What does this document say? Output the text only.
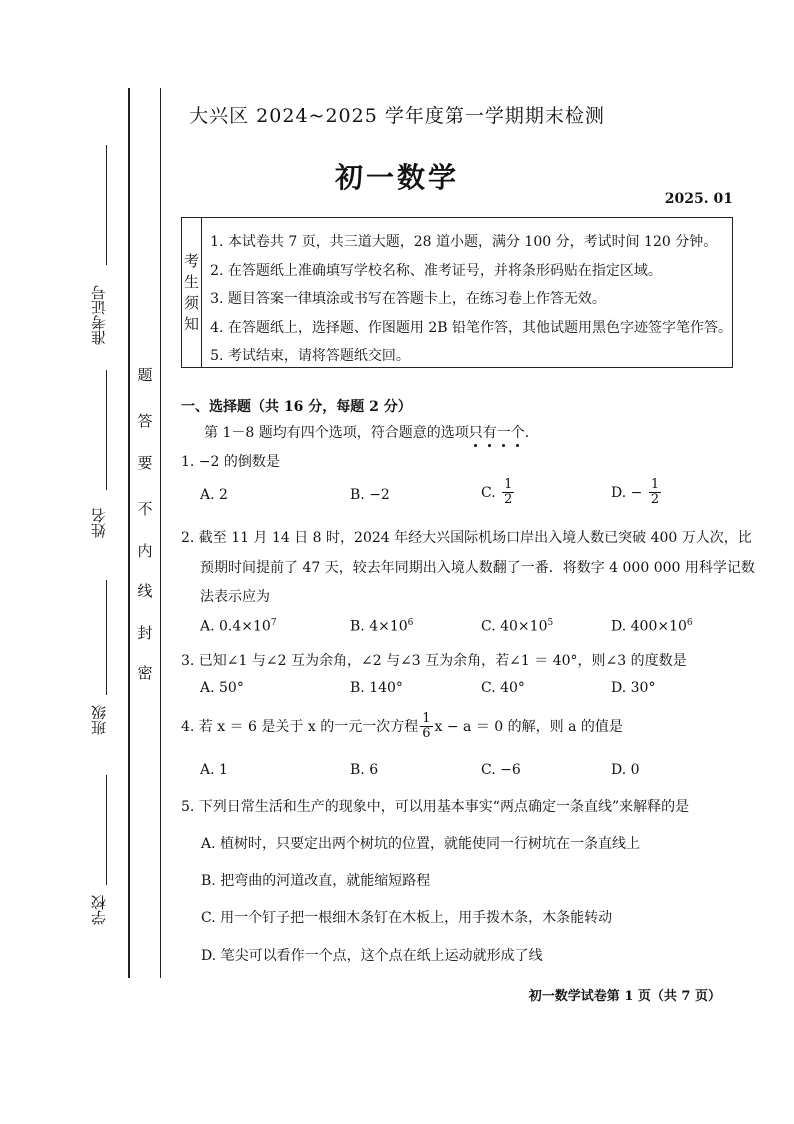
准考证号
姓名
班级
学校
密
封
线
内
不
要
答
题
大兴区 2024~2025 学年度第一学期期末检测
初一数学
2025. 01
考
生
须
知
1. 本试卷共 7 页，共三道大题，28 道小题，满分 100 分，考试时间 120 分钟。
2. 在答题纸上准确填写学校名称、准考证号，并将条形码贴在指定区域。
3. 题目答案一律填涂或书写在答题卡上，在练习卷上作答无效。
4. 在答题纸上，选择题、作图题用 2B 铅笔作答，其他试题用黑色字迹签字笔作答。
5. 考试结束，请将答题纸交回。
一、选择题（共 16 分，每题 2 分）
第 1－8 题均有四个选项，符合题意的选项只有一个.
1. −2 的倒数是
A. 2	B. −2	C. $\frac{1}{2}$	D. − $\frac{1}{2}$
2. 截至 11 月 14 日 8 时，2024 年经大兴国际机场口岸出入境人数已突破 400 万人次，比
预期时间提前了 47 天，较去年同期出入境人数翻了一番．将数字 4 000 000 用科学记数
法表示应为
A. $0.4\times 10^7$	B. $4\times 10^6$	C. $40\times 10^5$	D. $400\times 10^6$
3. 已知∠1 与∠2 互为余角，∠2 与∠3 互为余角，若∠1 ＝ 40°，则∠3 的度数是
A. 50°	B. 140°	C. 40°	D. 30°
4. 若 x ＝ 6 是关于 x 的一元一次方程 $\frac{1}{6}$ x − a ＝ 0 的解，则 a 的值是
A. 1	B. 6	C. −6	D. 0
5. 下列日常生活和生产的现象中，可以用基本事实“两点确定一条直线”来解释的是
A. 植树时，只要定出两个树坑的位置，就能使同一行树坑在一条直线上
B. 把弯曲的河道改直，就能缩短路程
C. 用一个钉子把一根细木条钉在木板上，用手拨木条，木条能转动
D. 笔尖可以看作一个点，这个点在纸上运动就形成了线
初一数学试卷第 1 页（共 7 页）
